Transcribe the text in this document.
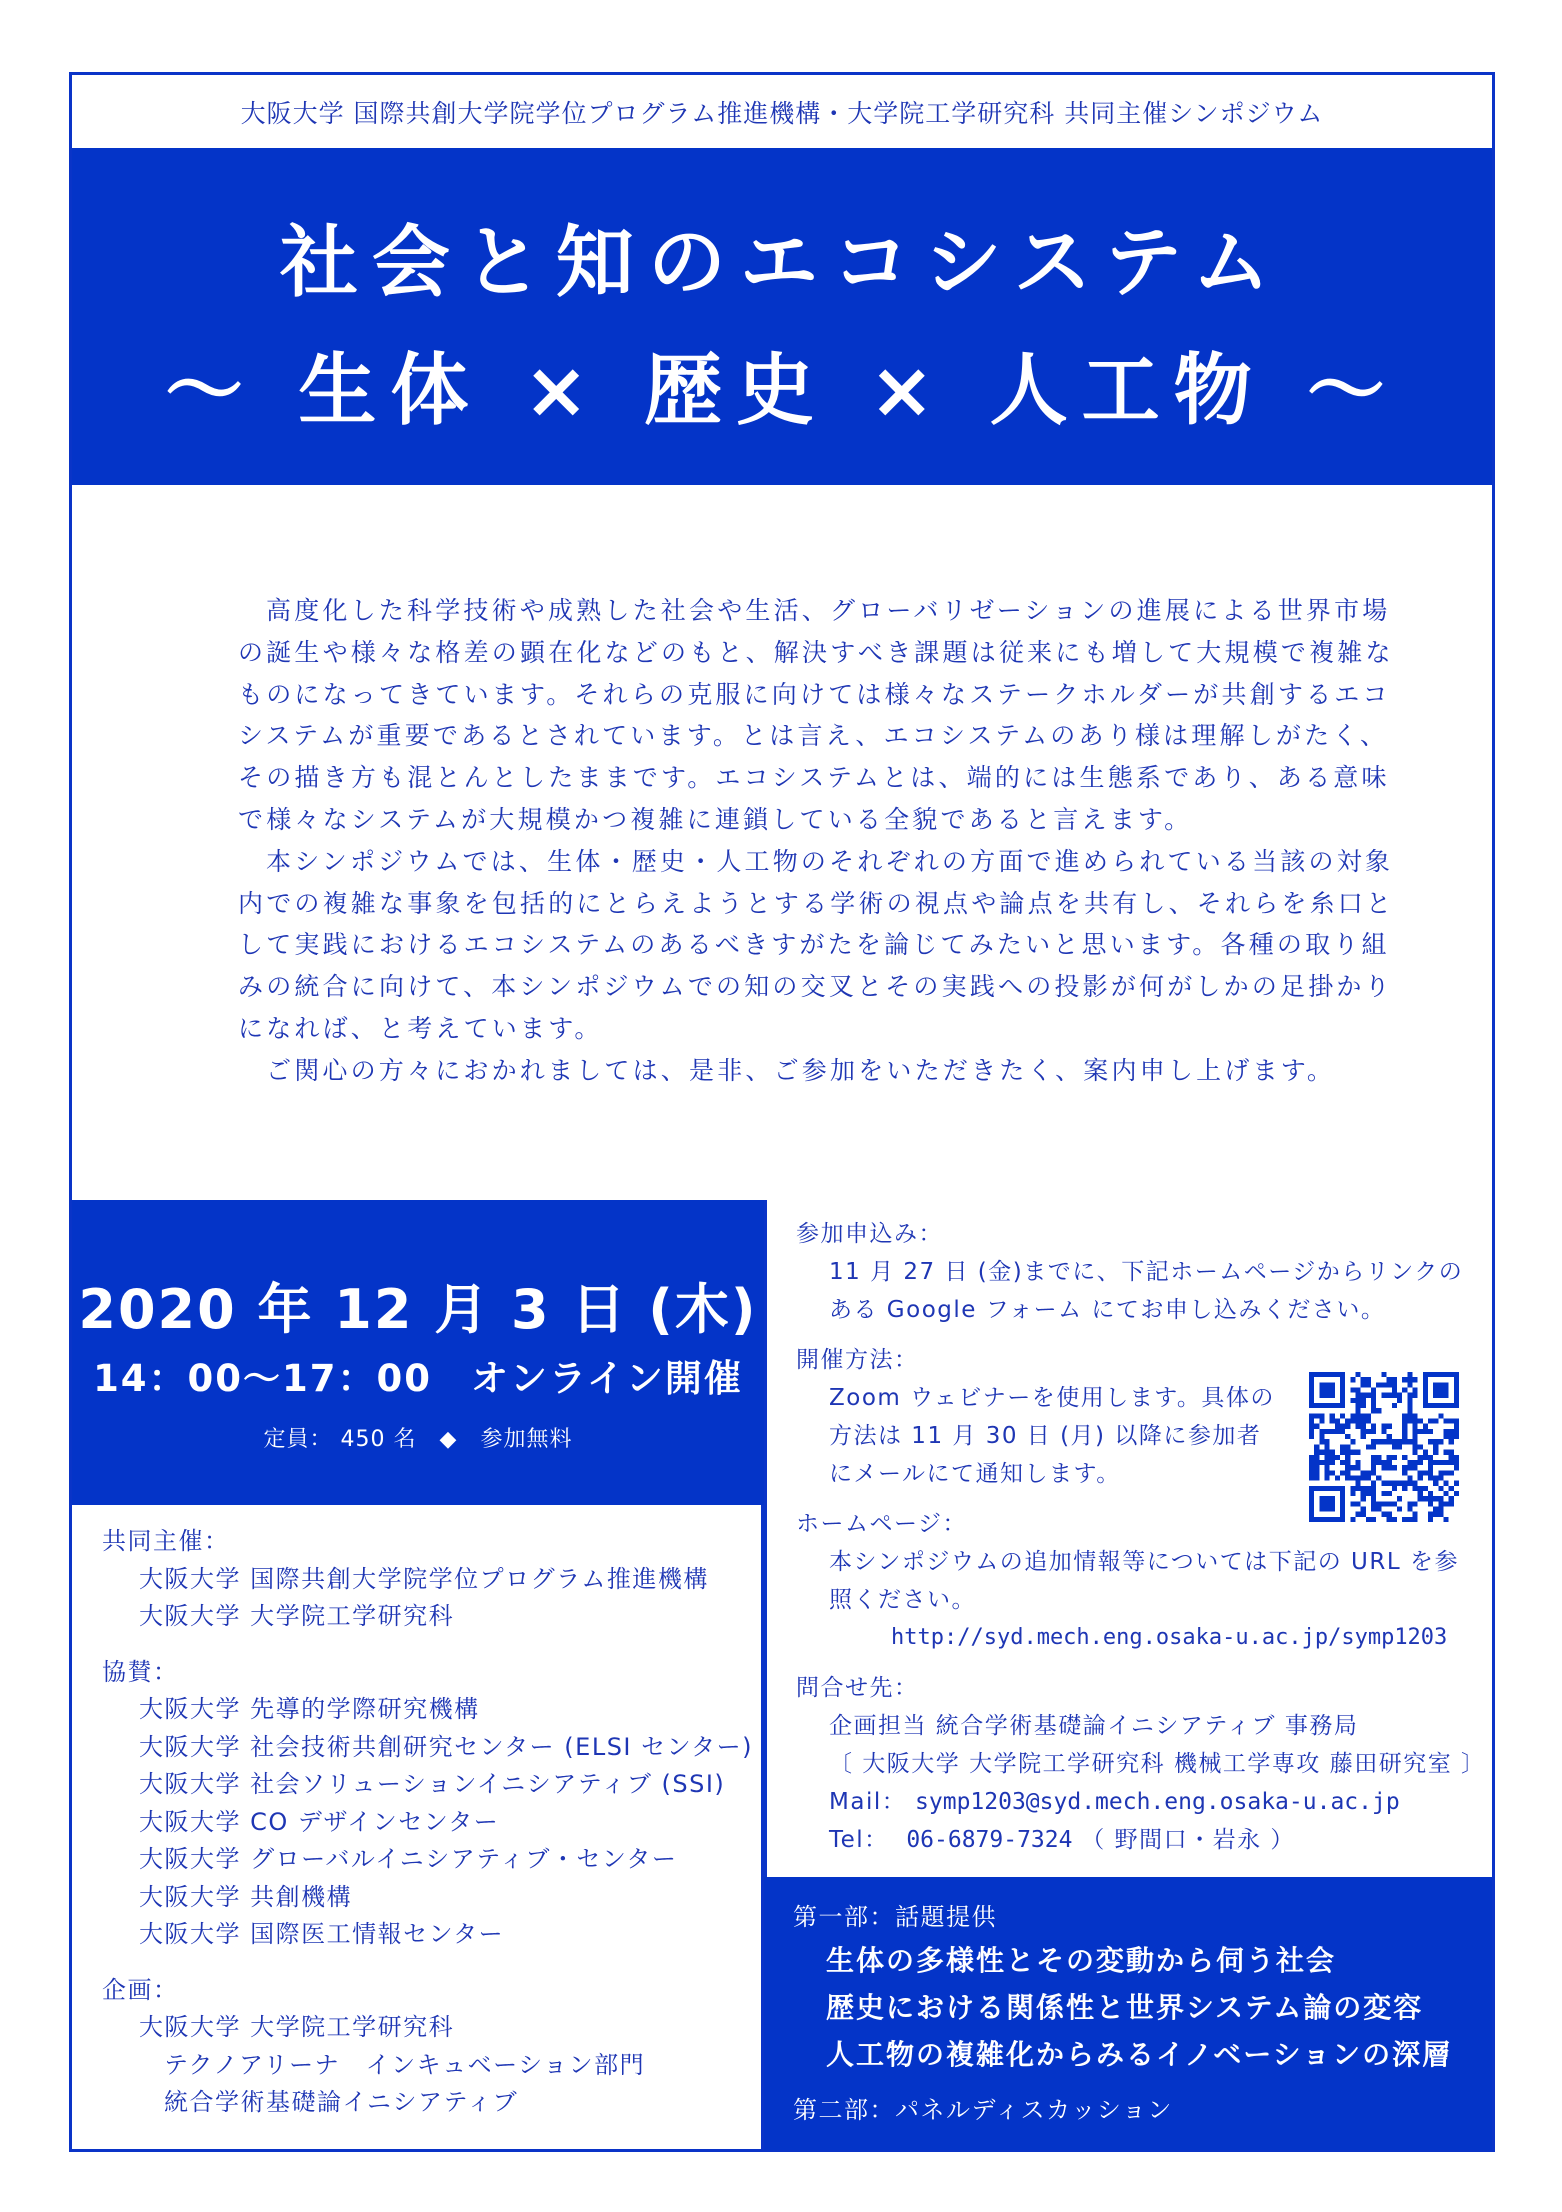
大阪大学 国際共創大学院学位プログラム推進機構・大学院工学研究科 共同主催シンポジウム
社会と知のエコシステム
～ 生体 × 歴史 × 人工物 ～
高度化した科学技術や成熟した社会や生活、グローバリゼーションの進展による世界市場
の誕生や様々な格差の顕在化などのもと、解決すべき課題は従来にも増して大規模で複雑な
ものになってきています。それらの克服に向けては様々なステークホルダーが共創するエコ
システムが重要であるとされています。とは言え、エコシステムのあり様は理解しがたく、
その描き方も混とんとしたままです。エコシステムとは、端的には生態系であり、ある意味
で様々なシステムが大規模かつ複雑に連鎖している全貌であると言えます。
本シンポジウムでは、生体・歴史・人工物のそれぞれの方面で進められている当該の対象
内での複雑な事象を包括的にとらえようとする学術の視点や論点を共有し、それらを糸口と
して実践におけるエコシステムのあるべきすがたを論じてみたいと思います。各種の取り組
みの統合に向けて、本シンポジウムでの知の交叉とその実践への投影が何がしかの足掛かり
になれば、と考えています。
ご関心の方々におかれましては、是非、ご参加をいただきたく、案内申し上げます。
2020 年 12 月 3 日 (木)
14：00～17：00　オンライン開催
定員： 450 名　◆　参加無料
共同主催：
大阪大学 国際共創大学院学位プログラム推進機構
大阪大学 大学院工学研究科
協賛：
大阪大学 先導的学際研究機構
大阪大学 社会技術共創研究センター (ELSI センター)
大阪大学 社会ソリューションイニシアティブ (SSI)
大阪大学 CO デザインセンター
大阪大学 グローバルイニシアティブ・センター
大阪大学 共創機構
大阪大学 国際医工情報センター
企画：
大阪大学 大学院工学研究科
テクノアリーナ　インキュベーション部門
統合学術基礎論イニシアティブ
参加申込み：
11 月 27 日 (金)までに、下記ホームページからリンクの
ある Google フォーム にてお申し込みください。
開催方法：
Zoom ウェビナーを使用します。具体の
方法は 11 月 30 日 (月) 以降に参加者
にメールにて通知します。
ホームページ：
本シンポジウムの追加情報等については下記の URL を参
照ください。
http://syd.mech.eng.osaka-u.ac.jp/symp1203
問合せ先：
企画担当 統合学術基礎論イニシアティブ 事務局
〔 大阪大学 大学院工学研究科 機械工学専攻 藤田研究室 〕
Mail： symp1203@syd.mech.eng.osaka-u.ac.jp
Tel： 06-6879-7324 （ 野間口・岩永 ）
第一部：話題提供
生体の多様性とその変動から伺う社会
歴史における関係性と世界システム論の変容
人工物の複雑化からみるイノベーションの深層
第二部：パネルディスカッション
